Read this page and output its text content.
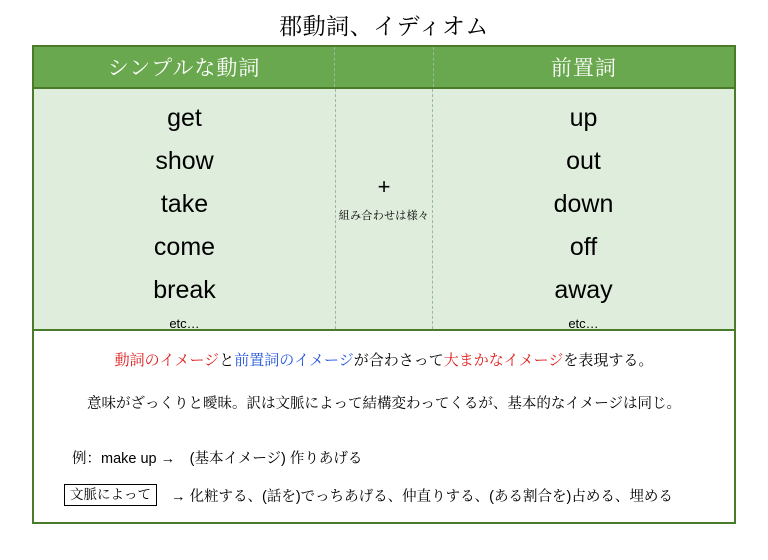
郡動詞、イディオム
シンプルな動詞	前置詞
get
show
take
come
break
etc…
+
組み合わせは様々
up
out
down
off
away
etc…
動詞のイメージと前置詞のイメージが合わさって大まかなイメージを表現する。
意味がざっくりと曖昧。訳は文脈によって結構変わってくるが、基本的なイメージは同じ。
例：make up →　(基本イメージ) 作りあげる
文脈によって	→ 化粧する、(話を)でっちあげる、仲直りする、(ある割合を)占める、埋める
